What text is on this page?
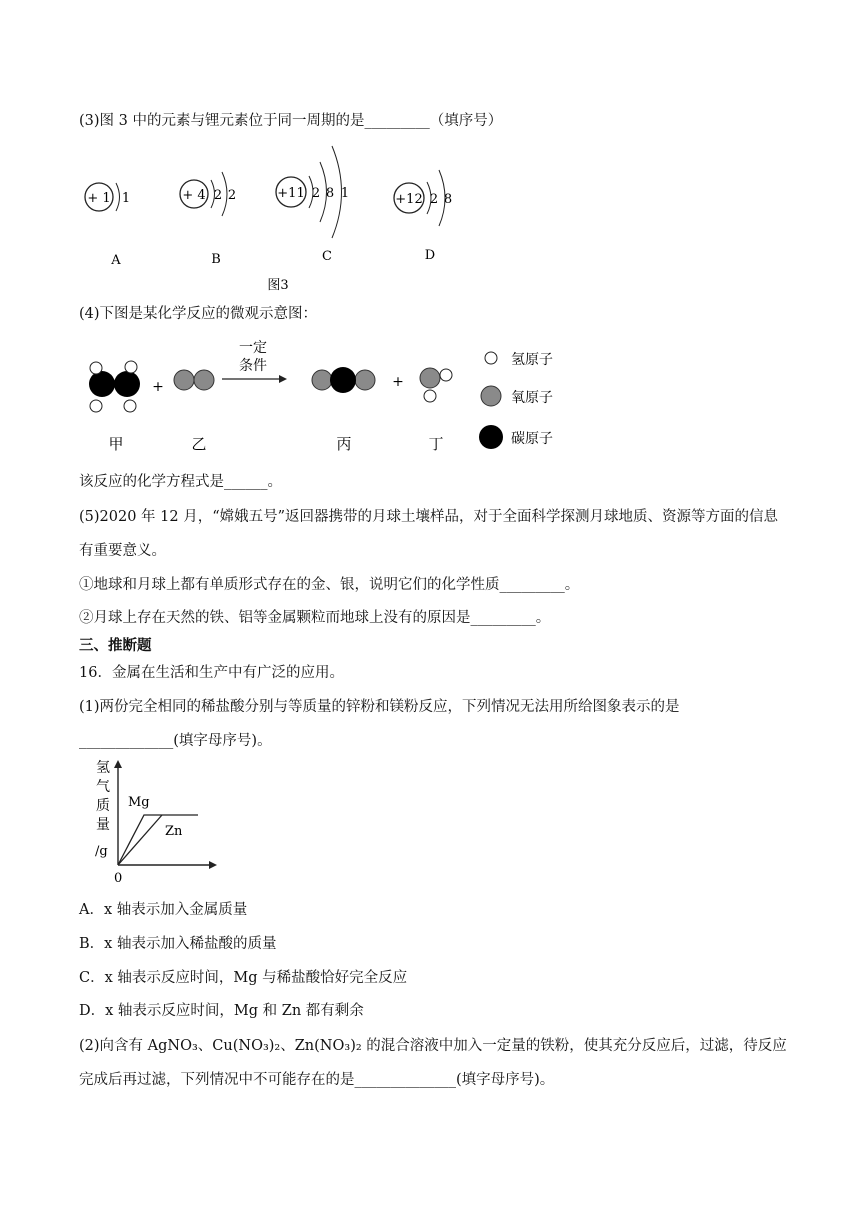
(3)图 3 中的元素与锂元素位于同一周期的是_________（填序号）
+ 1 1
A
+ 4 2 2
B
+11 2 8 1
C
图3
+12 2 8
D
(4)下图是某化学反应的微观示意图：
甲
+
乙
一定
条件
丙
+
丁
氢原子
氧原子
碳原子
该反应的化学方程式是______。
(5)2020 年 12 月，“嫦娥五号”返回器携带的月球土壤样品，对于全面科学探测月球地质、资源等方面的信息
有重要意义。
①地球和月球上都有单质形式存在的金、银，说明它们的化学性质_________。
②月球上存在天然的铁、铝等金属颗粒而地球上没有的原因是_________。
三、推断题
16．金属在生活和生产中有广泛的应用。
(1)两份完全相同的稀盐酸分别与等质量的锌粉和镁粉反应，下列情况无法用所给图象表示的是
_____________(填字母序号)。
氢
气
质
量
/g
0
Mg
Zn
A．x 轴表示加入金属质量
B．x 轴表示加入稀盐酸的质量
C．x 轴表示反应时间，Mg 与稀盐酸恰好完全反应
D．x 轴表示反应时间，Mg 和 Zn 都有剩余
(2)向含有 AgNO₃、Cu(NO₃)₂、Zn(NO₃)₂ 的混合溶液中加入一定量的铁粉，使其充分反应后，过滤，待反应
完成后再过滤，下列情况中不可能存在的是______________(填字母序号)。
